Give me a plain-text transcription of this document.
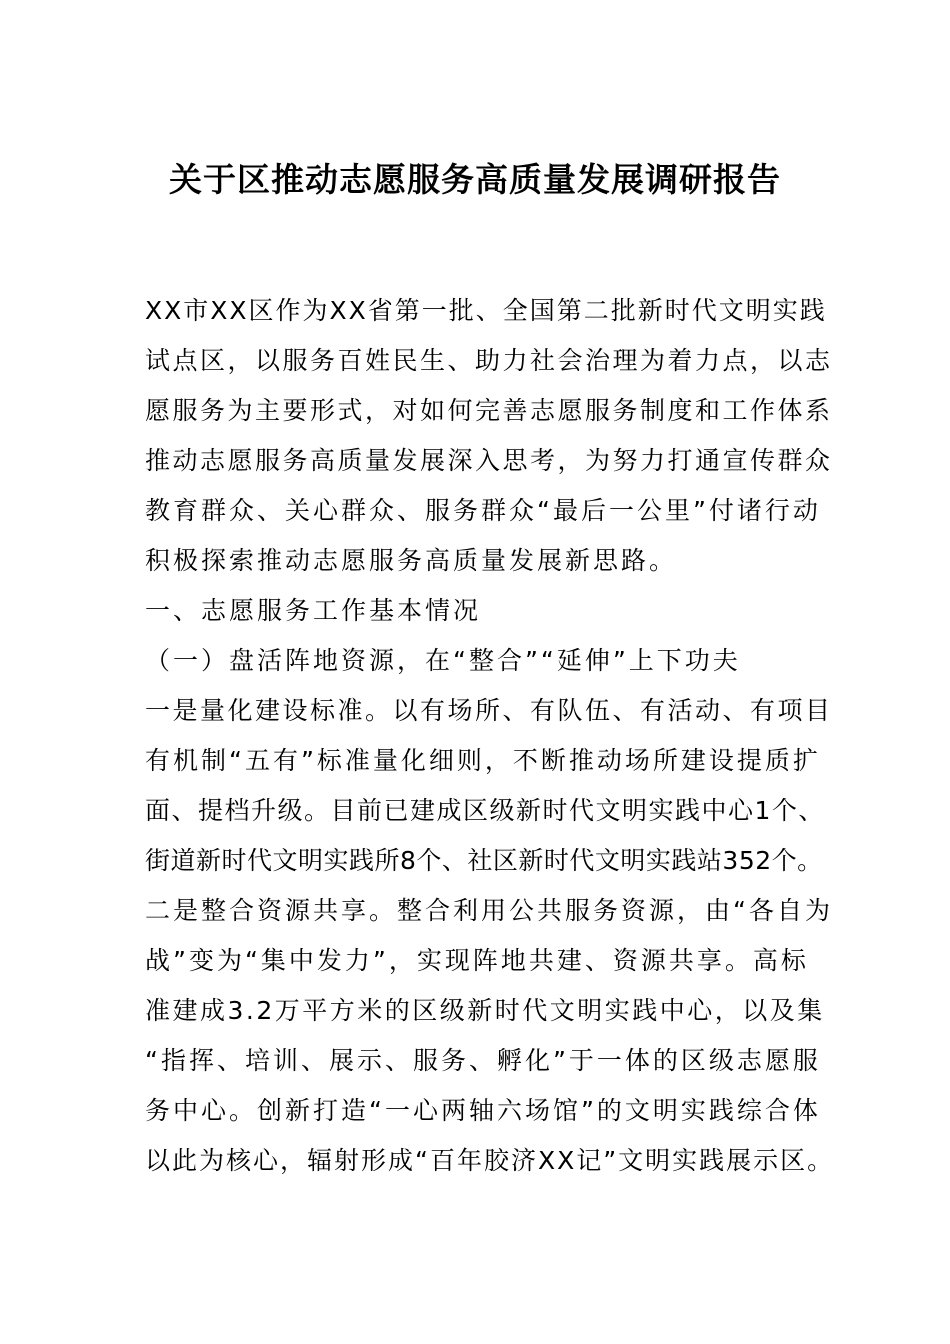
关于区推动志愿服务高质量发展调研报告

XX市XX区作为XX省第一批、全国第二批新时代文明实践

试点区，以服务百姓民生、助力社会治理为着力点，以志

愿服务为主要形式，对如何完善志愿服务制度和工作体系

推动志愿服务高质量发展深入思考，为努力打通宣传群众

教育群众、关心群众、服务群众“最后一公里”付诸行动

积极探索推动志愿服务高质量发展新思路。

一、志愿服务工作基本情况

（一）盘活阵地资源，在“整合”“延伸”上下功夫

一是量化建设标准。以有场所、有队伍、有活动、有项目

有机制“五有”标准量化细则，不断推动场所建设提质扩

面、提档升级。目前已建成区级新时代文明实践中心1个、

街道新时代文明实践所8个、社区新时代文明实践站352个。

二是整合资源共享。整合利用公共服务资源，由“各自为

战”变为“集中发力”，实现阵地共建、资源共享。高标

准建成3.2万平方米的区级新时代文明实践中心，以及集

“指挥、培训、展示、服务、孵化”于一体的区级志愿服

务中心。创新打造“一心两轴六场馆”的文明实践综合体

以此为核心，辐射形成“百年胶济XX记”文明实践展示区。
